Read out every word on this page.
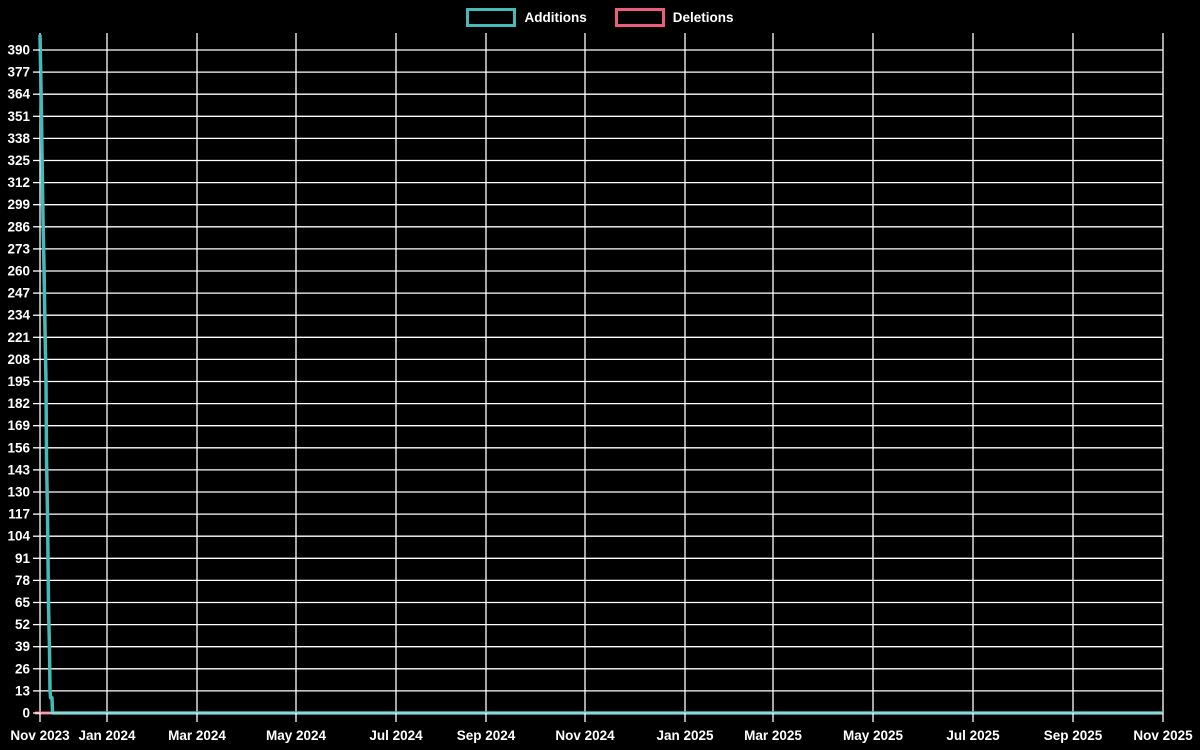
Additions	Deletions
390
377
364
351
338
325
312
299
286
273
260
247
234
221
208
195
182
169
156
143
130
117
104
91
78
65
52
39
26
13
0
Nov 2023 Jan 2024 Mar 2024	May 2024	Jul 2024	Sep 2024	Nov 2024	Jan 2025 Mar 2025	May 2025	Jul 2025	Sep 2025 Nov 2025
